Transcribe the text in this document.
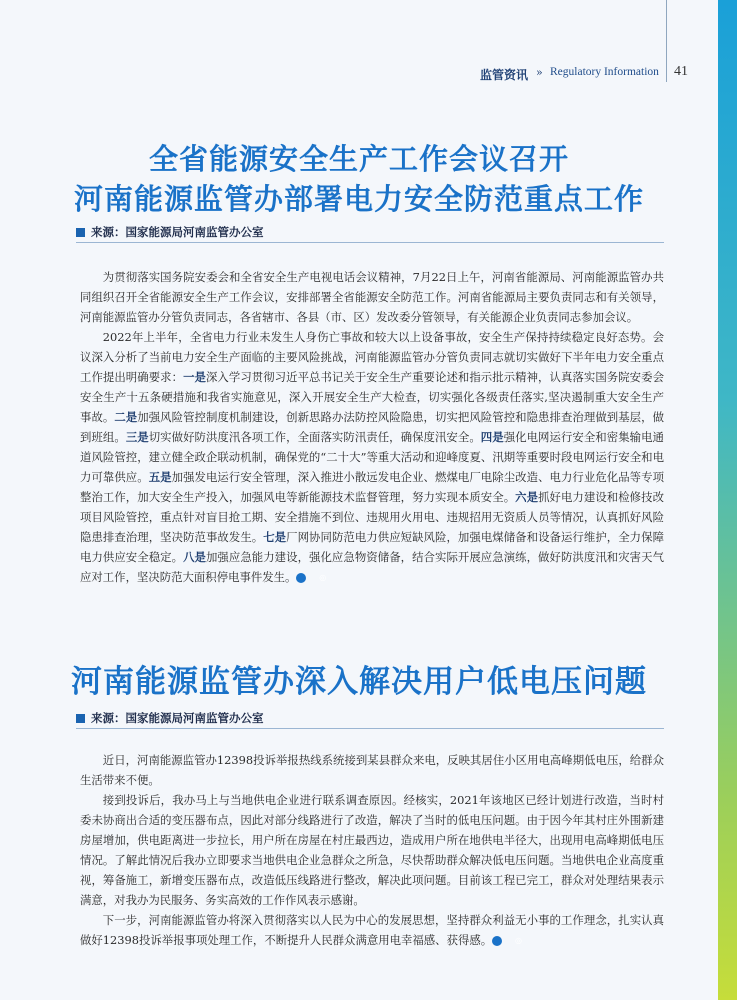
监管资讯 » Regulatory Information 41
全省能源安全生产工作会议召开
河南能源监管办部署电力安全防范重点工作
来源：国家能源局河南监管办公室

为贯彻落实国务院安委会和全省安全生产电视电话会议精神，7月22日上午，河南省能源局、河南能源监管办共同组织召开全省能源安全生产工作会议，安排部署全省能源安全防范工作。河南省能源局主要负责同志和有关领导，河南能源监管办分管负责同志，各省辖市、各县（市、区）发改委分管领导，有关能源企业负责同志参加会议。

2022年上半年，全省电力行业未发生人身伤亡事故和较大以上设备事故，安全生产保持持续稳定良好态势。会议深入分析了当前电力安全生产面临的主要风险挑战，河南能源监管办分管负责同志就切实做好下半年电力安全重点工作提出明确要求：一是深入学习贯彻习近平总书记关于安全生产重要论述和指示批示精神，认真落实国务院安委会安全生产十五条硬措施和我省实施意见，深入开展安全生产大检查，切实强化各级责任落实,坚决遏制重大安全生产事故。二是加强风险管控制度机制建设，创新思路办法防控风险隐患，切实把风险管控和隐患排查治理做到基层，做到班组。三是切实做好防洪度汛各项工作，全面落实防汛责任，确保度汛安全。四是强化电网运行安全和密集输电通道风险管控，建立健全政企联动机制，确保党的“二十大”等重大活动和迎峰度夏、汛期等重要时段电网运行安全和电力可靠供应。五是加强发电运行安全管理，深入推进小散远发电企业、燃煤电厂电除尘改造、电力行业危化品等专项整治工作，加大安全生产投入，加强风电等新能源技术监督管理，努力实现本质安全。六是抓好电力建设和检修技改项目风险管控，重点针对盲目抢工期、安全措施不到位、违规用火用电、违规招用无资质人员等情况，认真抓好风险隐患排查治理，坚决防范事故发生。七是厂网协同防范电力供应短缺风险，加强电煤储备和设备运行维护，全力保障电力供应安全稳定。八是加强应急能力建设，强化应急物资储备，结合实际开展应急演练，做好防洪度汛和灾害天气应对工作，坚决防范大面积停电事件发生。	◎

河南能源监管办深入解决用户低电压问题
来源：国家能源局河南监管办公室

近日，河南能源监管办12398投诉举报热线系统接到某县群众来电，反映其居住小区用电高峰期低电压，给群众生活带来不便。

接到投诉后，我办马上与当地供电企业进行联系调查原因。经核实，2021年该地区已经计划进行改造，当时村委未协商出合适的变压器布点，因此对部分线路进行了改造，解决了当时的低电压问题。由于因今年其村庄外围新建房屋增加，供电距离进一步拉长，用户所在房屋在村庄最西边，造成用户所在地供电半径大，出现用电高峰期低电压情况。了解此情况后我办立即要求当地供电企业急群众之所急，尽快帮助群众解决低电压问题。当地供电企业高度重视，筹备施工，新增变压器布点，改造低压线路进行整改，解决此项问题。目前该工程已完工，群众对处理结果表示满意，对我办为民服务、务实高效的工作作风表示感谢。

下一步，河南能源监管办将深入贯彻落实以人民为中心的发展思想，坚持群众利益无小事的工作理念，扎实认真做好12398投诉举报事项处理工作，不断提升人民群众满意用电幸福感、获得感。	◎
